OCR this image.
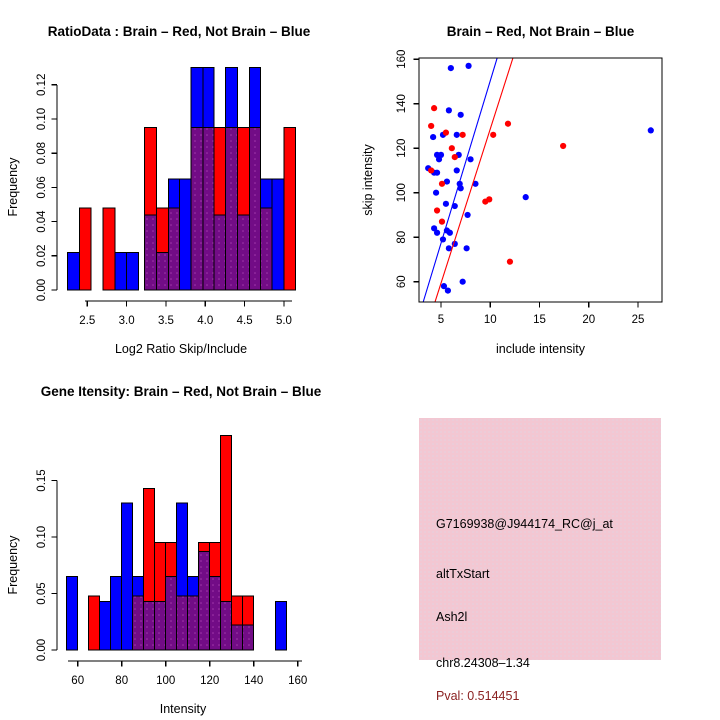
RatioData : Brain – Red, Not Brain – Blue
Log2 Ratio Skip/Include
Frequency
2.5 3.0 3.5 4.0 4.5 5.0
0.00
0.02
0.04
0.06
0.08
0.10
0.12
Brain – Red, Not Brain – Blue
include intensity
skip intensity
5	10	15	20	25
60
80
100
120
140
160
Gene Itensity: Brain – Red, Not Brain – Blue
Intensity
Frequency
60	80 100 120 140 160
0.00
0.05
0.10
0.15
G7169938@J944174_RC@j_at
altTxStart
Ash2l
chr8.24308–1.34
Pval: 0.514451
